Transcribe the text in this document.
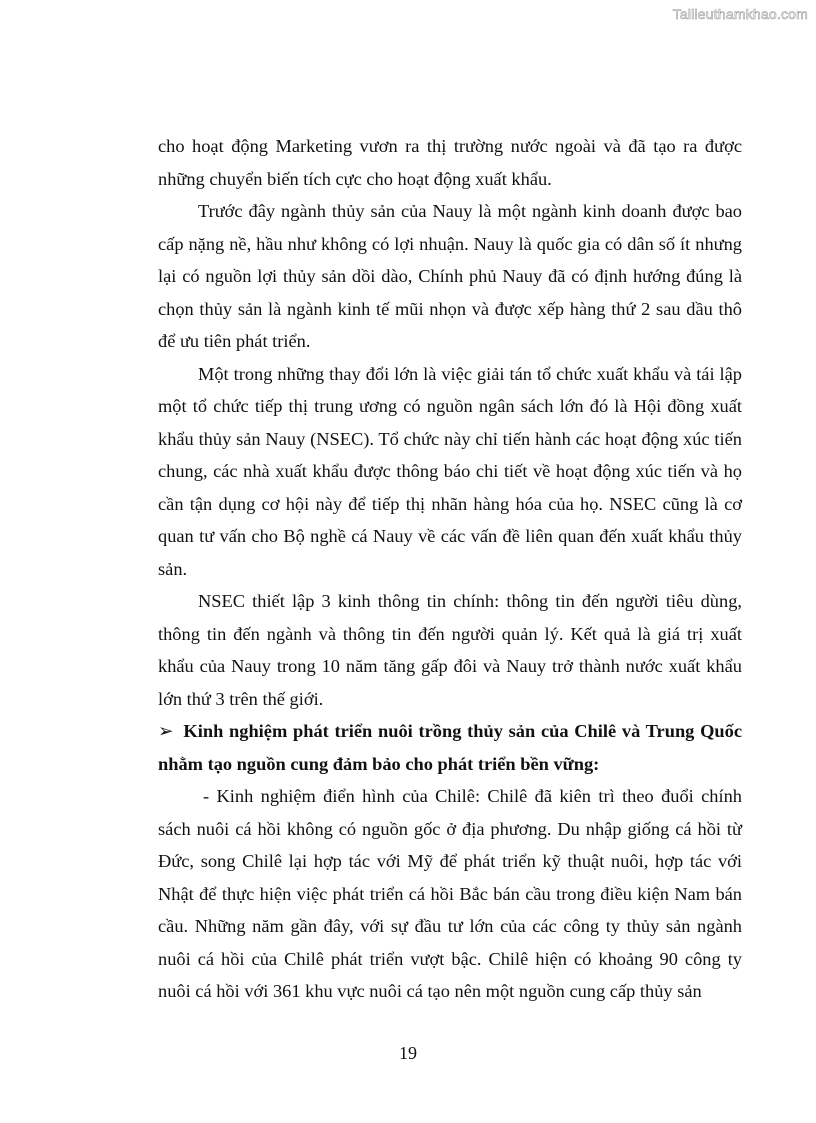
Tailieuthamkhao.com

cho hoạt động Marketing vươn ra thị trường nước ngoài và đã tạo ra được những chuyển biến tích cực cho hoạt động xuất khẩu.

Trước đây ngành thủy sản của Nauy là một ngành kinh doanh được bao cấp nặng nề, hầu như không có lợi nhuận. Nauy là quốc gia có dân số ít nhưng lại có nguồn lợi thủy sản dồi dào, Chính phủ Nauy đã có định hướng đúng là chọn thủy sản là ngành kinh tế mũi nhọn và được xếp hàng thứ 2 sau dầu thô để ưu tiên phát triển.

Một trong những thay đổi lớn là việc giải tán tổ chức xuất khẩu và tái lập một tổ chức tiếp thị trung ương có nguồn ngân sách lớn đó là Hội đồng xuất khẩu thủy sản Nauy (NSEC). Tổ chức này chỉ tiến hành các hoạt động xúc tiến chung, các nhà xuất khẩu được thông báo chi tiết về hoạt động xúc tiến và họ cần tận dụng cơ hội này để tiếp thị nhãn hàng hóa của họ. NSEC cũng là cơ quan tư vấn cho Bộ nghề cá Nauy về các vấn đề liên quan đến xuất khẩu thủy sản.

NSEC thiết lập 3 kinh thông tin chính: thông tin đến người tiêu dùng, thông tin đến ngành và thông tin đến người quản lý. Kết quả là giá trị xuất khẩu của Nauy trong 10 năm tăng gấp đôi và Nauy trở thành nước xuất khẩu lớn thứ 3 trên thế giới.

➢ Kinh nghiệm phát triển nuôi trồng thủy sản của Chilê và Trung Quốc nhằm tạo nguồn cung đảm bảo cho phát triển bền vững:

- Kinh nghiệm điển hình của Chilê: Chilê đã kiên trì theo đuổi chính sách nuôi cá hồi không có nguồn gốc ở địa phương. Du nhập giống cá hồi từ Đức, song Chilê lại hợp tác với Mỹ để phát triển kỹ thuật nuôi, hợp tác với Nhật để thực hiện việc phát triển cá hồi Bắc bán cầu trong điều kiện Nam bán cầu. Những năm gần đây, với sự đầu tư lớn của các công ty thủy sản ngành nuôi cá hồi của Chilê phát triển vượt bậc. Chilê hiện có khoảng 90 công ty nuôi cá hồi với 361 khu vực nuôi cá tạo nên một nguồn cung cấp thủy sản

19
